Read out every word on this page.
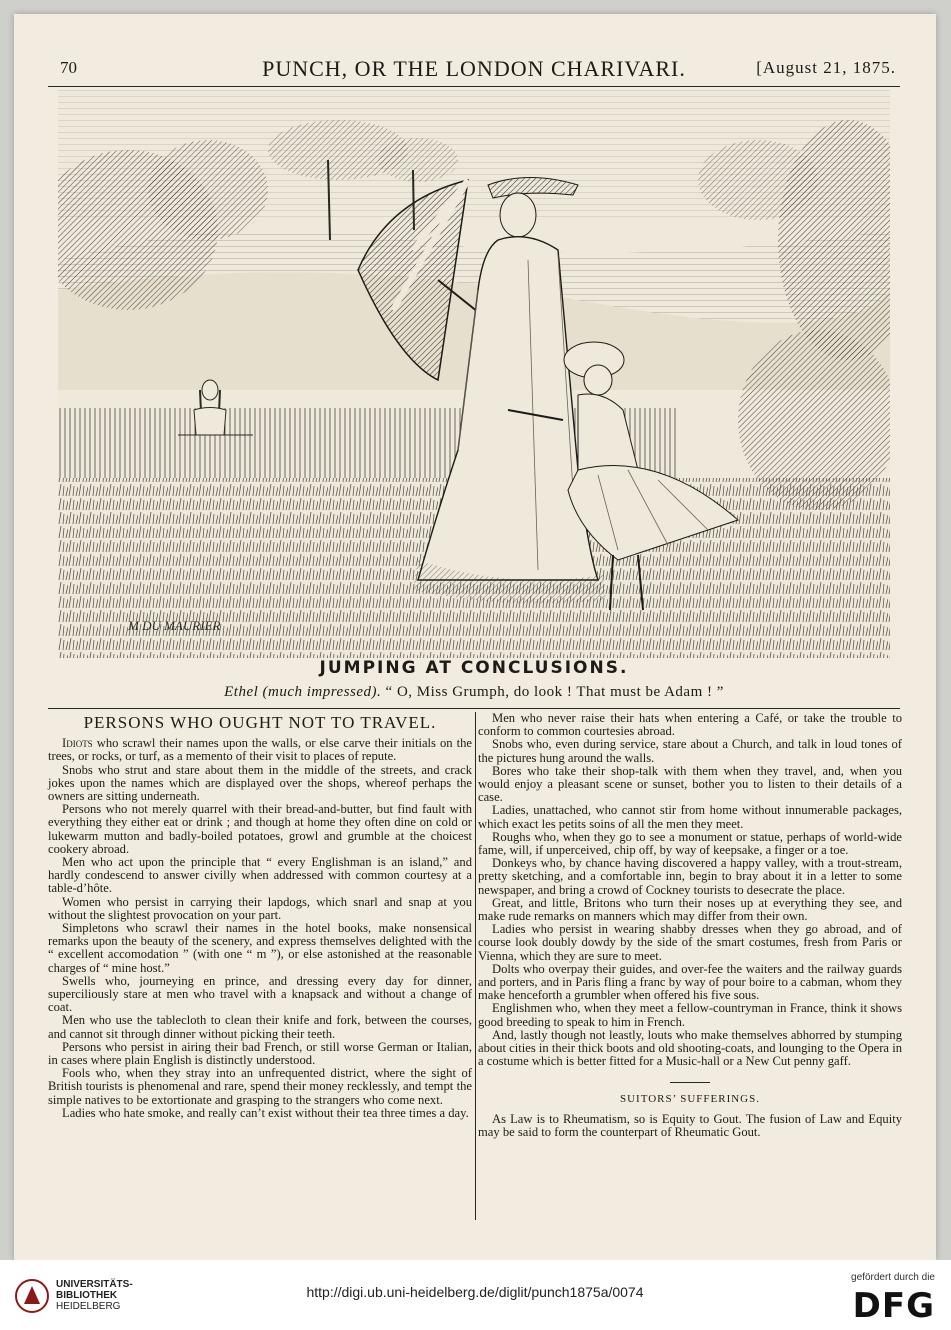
70	PUNCH, OR THE LONDON CHARIVARI.	[August 21, 1875.
M DU MAURIER
JUMPING AT CONCLUSIONS.
Ethel (much impressed). “ O, Miss Grumph, do look ! That must be Adam ! ”
PERSONS WHO OUGHT NOT TO TRAVEL.

Idiots who scrawl their names upon the walls, or else carve their initials on the trees, or rocks, or turf, as a memento of their visit to places of repute.

Snobs who strut and stare about them in the middle of the streets, and crack jokes upon the names which are displayed over the shops, whereof perhaps the owners are sitting underneath.

Persons who not merely quarrel with their bread-and-butter, but find fault with everything they either eat or drink ; and though at home they often dine on cold or lukewarm mutton and badly-boiled potatoes, growl and grumble at the choicest cookery abroad.

Men who act upon the principle that “ every Englishman is an island,” and hardly condescend to answer civilly when addressed with common courtesy at a table-d’hôte.

Women who persist in carrying their lapdogs, which snarl and snap at you without the slightest provocation on your part.

Simpletons who scrawl their names in the hotel books, make nonsensical remarks upon the beauty of the scenery, and express themselves delighted with the “ excellent accomodation ” (with one “ m ”), or else astonished at the reasonable charges of “ mine host.”

Swells who, journeying en prince, and dressing every day for dinner, superciliously stare at men who travel with a knapsack and without a change of coat.

Men who use the tablecloth to clean their knife and fork, between the courses, and cannot sit through dinner without picking their teeth.

Persons who persist in airing their bad French, or still worse German or Italian, in cases where plain English is distinctly understood.

Fools who, when they stray into an unfrequented district, where the sight of British tourists is phenomenal and rare, spend their money recklessly, and tempt the simple natives to be extortionate and grasping to the strangers who come next.

Ladies who hate smoke, and really can’t exist without their tea three times a day.

Men who never raise their hats when entering a Café, or take the trouble to conform to common courtesies abroad.

Snobs who, even during service, stare about a Church, and talk in loud tones of the pictures hung around the walls.

Bores who take their shop-talk with them when they travel, and, when you would enjoy a pleasant scene or sunset, bother you to listen to their details of a case.

Ladies, unattached, who cannot stir from home without innumerable packages, which exact les petits soins of all the men they meet.

Roughs who, when they go to see a monument or statue, perhaps of world-wide fame, will, if unperceived, chip off, by way of keepsake, a finger or a toe.

Donkeys who, by chance having discovered a happy valley, with a trout-stream, pretty sketching, and a comfortable inn, begin to bray about it in a letter to some newspaper, and bring a crowd of Cockney tourists to desecrate the place.

Great, and little, Britons who turn their noses up at everything they see, and make rude remarks on manners which may differ from their own.

Ladies who persist in wearing shabby dresses when they go abroad, and of course look doubly dowdy by the side of the smart costumes, fresh from Paris or Vienna, which they are sure to meet.

Dolts who overpay their guides, and over-fee the waiters and the railway guards and porters, and in Paris fling a franc by way of pour boire to a cabman, whom they make henceforth a grumbler when offered his five sous.

Englishmen who, when they meet a fellow-countryman in France, think it shows good breeding to speak to him in French.

And, lastly though not leastly, louts who make themselves abhorred by stumping about cities in their thick boots and old shooting-coats, and lounging to the Opera in a costume which is better fitted for a Music-hall or a New Cut penny gaff.

SUITORS’ SUFFERINGS.

As Law is to Rheumatism, so is Equity to Gout. The fusion of Law and Equity may be said to form the counterpart of Rheumatic Gout.

UNIVERSITÄTS-
BIBLIOTHEK
HEIDELBERG
http://digi.ub.uni-heidelberg.de/diglit/punch1875a/0074
gefördert durch die
DFG
